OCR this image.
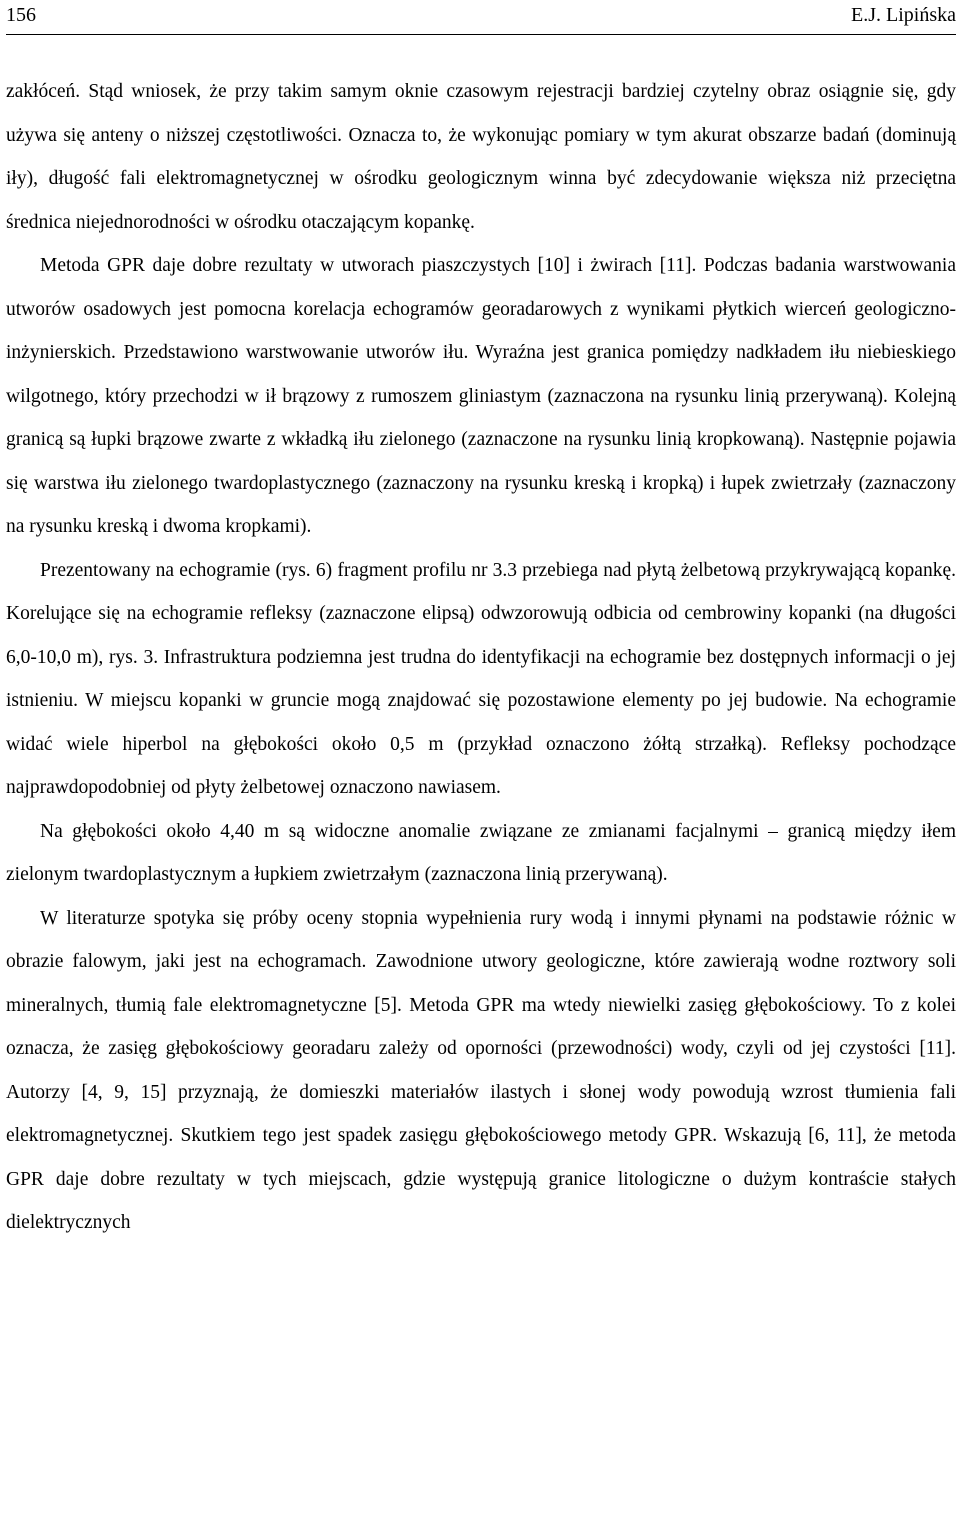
156	E.J. Lipińska

zakłóceń. Stąd wniosek, że przy takim samym oknie czasowym rejestracji bardziej czytelny obraz osiągnie się, gdy używa się anteny o niższej częstotliwości. Oznacza to, że wykonując pomiary w tym akurat obszarze badań (dominują iły), długość fali elektromagnetycznej w ośrodku geologicznym winna być zdecydowanie większa niż przeciętna średnica niejednorodności w ośrodku otaczającym kopankę.

Metoda GPR daje dobre rezultaty w utworach piaszczystych [10] i żwirach [11]. Podczas badania warstwowania utworów osadowych jest pomocna korelacja echogramów georadarowych z wynikami płytkich wierceń geologiczno-inżynierskich. Przedstawiono warstwowanie utworów iłu. Wyraźna jest granica pomiędzy nadkładem iłu niebieskiego wilgotnego, który przechodzi w ił brązowy z rumoszem gliniastym (zaznaczona na rysunku linią przerywaną). Kolejną granicą są łupki brązowe zwarte z wkładką iłu zielonego (zaznaczone na rysunku linią kropkowaną). Następnie pojawia się warstwa iłu zielonego twardoplastycznego (zaznaczony na rysunku kreską i kropką) i łupek zwietrzały (zaznaczony na rysunku kreską i dwoma kropkami).

Prezentowany na echogramie (rys. 6) fragment profilu nr 3.3 przebiega nad płytą żelbetową przykrywającą kopankę. Korelujące się na echogramie refleksy (zaznaczone elipsą) odwzorowują odbicia od cembrowiny kopanki (na długości 6,0-10,0 m), rys. 3. Infrastruktura podziemna jest trudna do identyfikacji na echogramie bez dostępnych informacji o jej istnieniu. W miejscu kopanki w gruncie mogą znajdować się pozostawione elementy po jej budowie. Na echogramie widać wiele hiperbol na głębokości około 0,5 m (przykład oznaczono żółtą strzałką). Refleksy pochodzące najprawdopodobniej od płyty żelbetowej oznaczono nawiasem.

Na głębokości około 4,40 m są widoczne anomalie związane ze zmianami facjalnymi – granicą między iłem zielonym twardoplastycznym a łupkiem zwietrzałym (zaznaczona linią przerywaną).

W literaturze spotyka się próby oceny stopnia wypełnienia rury wodą i innymi płynami na podstawie różnic w obrazie falowym, jaki jest na echogramach. Zawodnione utwory geologiczne, które zawierają wodne roztwory soli mineralnych, tłumią fale elektromagnetyczne [5]. Metoda GPR ma wtedy niewielki zasięg głębokościowy. To z kolei oznacza, że zasięg głębokościowy georadaru zależy od oporności (przewodności) wody, czyli od jej czystości [11]. Autorzy [4, 9, 15] przyznają, że domieszki materiałów ilastych i słonej wody powodują wzrost tłumienia fali elektromagnetycznej. Skutkiem tego jest spadek zasięgu głębokościowego metody GPR. Wskazują [6, 11], że metoda GPR daje dobre rezultaty w tych miejscach, gdzie występują granice litologiczne o dużym kontraście stałych dielektrycznych
